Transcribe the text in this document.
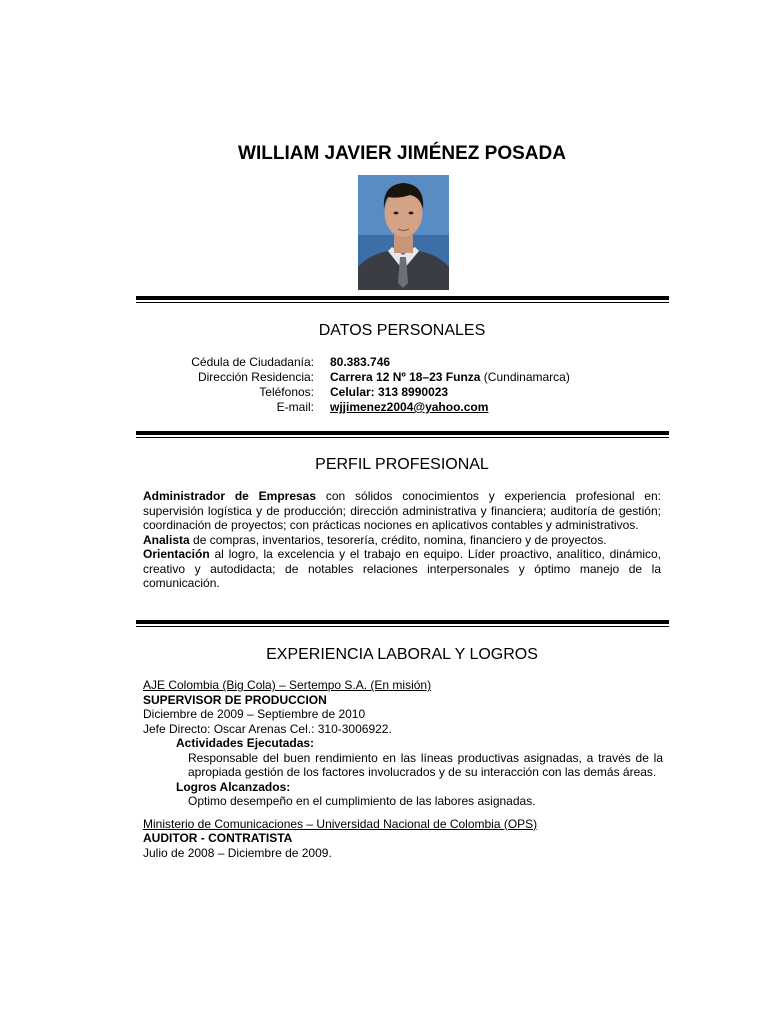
WILLIAM JAVIER JIMÉNEZ POSADA
DATOS PERSONALES
Cédula de Ciudadanía:	80.383.746
Dirección Residencia:	Carrera 12 Nº 18–23 Funza (Cundinamarca)
Teléfonos:	Celular: 313 8990023
E-mail:	wjjimenez2004@yahoo.com
PERFIL PROFESIONAL

Administrador de Empresas con sólidos conocimientos y experiencia profesional en: supervisión logística y de producción; dirección administrativa y financiera; auditoría de gestión; coordinación de proyectos; con prácticas nociones en aplicativos contables y administrativos.

Analista de compras, inventarios, tesorería, crédito, nomina, financiero y de proyectos.

Orientación al logro, la excelencia y el trabajo en equipo. Líder proactivo, analítico, dinámico, creativo y autodidacta; de notables relaciones interpersonales y óptimo manejo de la comunicación.

EXPERIENCIA LABORAL Y LOGROS
AJE Colombia (Big Cola) – Sertempo S.A. (En misión)
SUPERVISOR DE PRODUCCION
Diciembre de 2009 – Septiembre de 2010
Jefe Directo: Oscar Arenas Cel.: 310-3006922.
Actividades Ejecutadas:
Responsable del buen rendimiento en las líneas productivas asignadas, a través de la apropiada gestión de los factores involucrados y de su interacción con las demás áreas.
Logros Alcanzados:
Optimo desempeño en el cumplimiento de las labores asignadas.
Ministerio de Comunicaciones – Universidad Nacional de Colombia (OPS)
AUDITOR - CONTRATISTA
Julio de 2008 – Diciembre de 2009.
